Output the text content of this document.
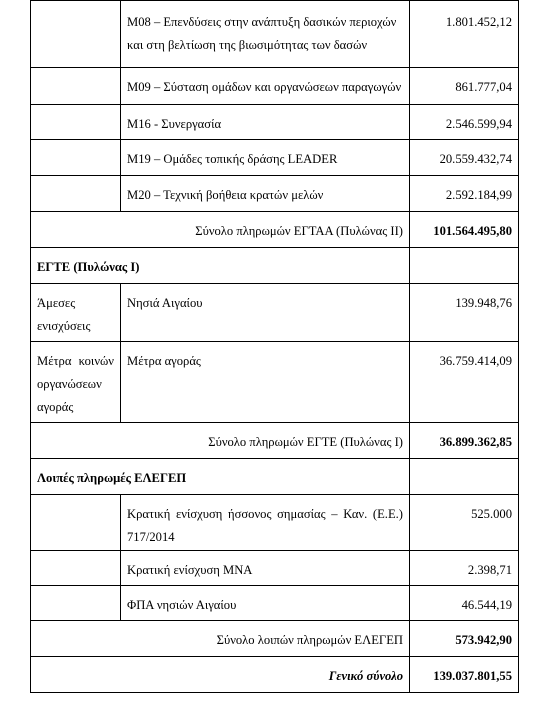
	Μ08 – Επενδύσεις στην ανάπτυξη δασικών περιοχών και στη βελτίωση της βιωσιμότητας των δασών	1.801.452,12
	Μ09 – Σύσταση ομάδων και οργανώσεων παραγωγών	861.777,04
	Μ16 - Συνεργασία	2.546.599,94
	Μ19 – Ομάδες τοπικής δράσης LEADER	20.559.432,74
	Μ20 – Τεχνική βοήθεια κρατών μελών	2.592.184,99
Σύνολο πληρωμών ΕΓΤΑΑ (Πυλώνας ΙΙ)		101.564.495,80
ΕΓΤΕ (Πυλώνας Ι)		
Άμεσες ενισχύσεις	Νησιά Αιγαίου	139.948,76
Μέτρα κοινών οργανώσεων αγοράς	Μέτρα αγοράς	36.759.414,09
Σύνολο πληρωμών ΕΓΤΕ (Πυλώνας Ι)		36.899.362,85
Λοιπές πληρωμές ΕΛΕΓΕΠ		
	Κρατική ενίσχυση ήσσονος σημασίας – Καν. (Ε.Ε.) 717/2014	525.000
	Κρατική ενίσχυση ΜΝΑ	2.398,71
	ΦΠΑ νησιών Αιγαίου	46.544,19
Σύνολο λοιπών πληρωμών ΕΛΕΓΕΠ		573.942,90
Γενικό σύνολο		139.037.801,55
